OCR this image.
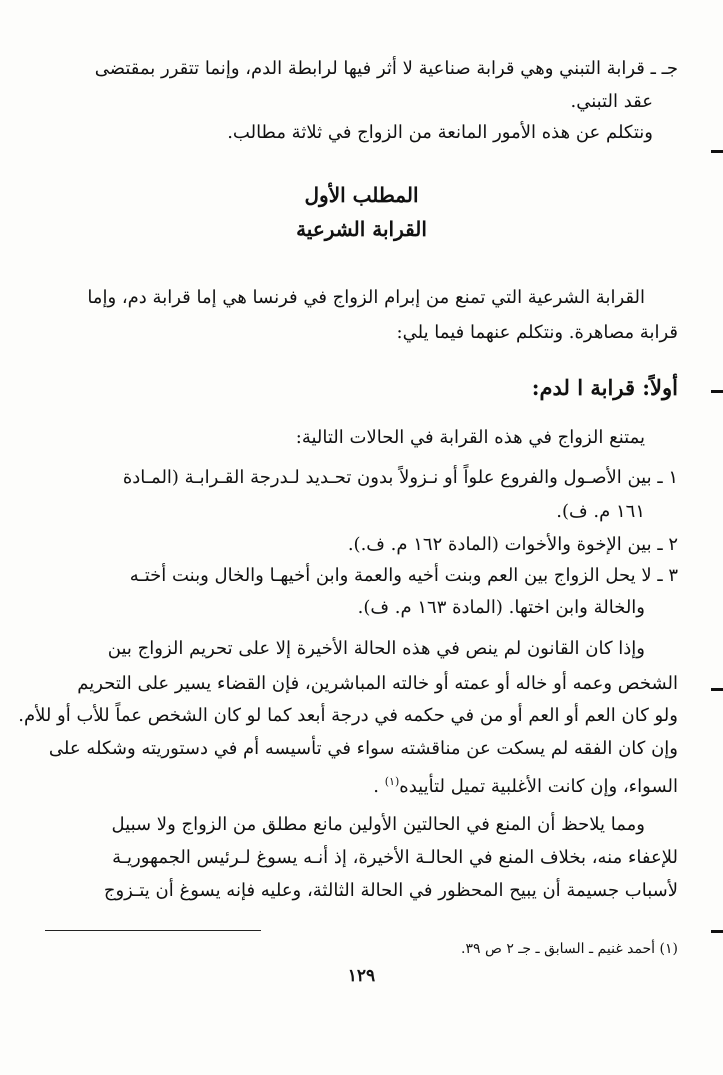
جـ ـ قرابة التبني وهي قرابة صناعية لا أثر فيها لرابطة الدم، وإنما تتقرر بمقتضى
عقد التبني.
ونتكلم عن هذه الأمور المانعة من الزواج في ثلاثة مطالب.
المطلب الأول
القرابة الشرعية
القرابة الشرعية التي تمنع من إبرام الزواج في فرنسا هي إما قرابة دم، وإما
قرابة مصاهرة. ونتكلم عنهما فيما يلي:
أولاً: قرابة ا لدم:
يمتنع الزواج في هذه القرابة في الحالات التالية:
١ ـ بين الأصـول والفروع علواً أو نـزولاً بدون تحـديد لـدرجة القـرابـة (المـادة
١٦١ م. ف).
٢ ـ بين الإخوة والأخوات (المادة ١٦٢ م. ف.).
٣ ـ لا يحل الزواج بين العم وبنت أخيه والعمة وابن أخيهـا والخال وبنت أختـه
والخالة وابن اختها. (المادة ١٦٣ م. ف).
وإذا كان القانون لم ينص في هذه الحالة الأخيرة إلا على تحريم الزواج بين
الشخص وعمه أو خاله أو عمته أو خالته المباشرين، فإن القضاء يسير على التحريم
ولو كان العم أو العم أو من في حكمه في درجة أبعد كما لو كان الشخص عماً للأب أو للأم.
وإن كان الفقه لم يسكت عن مناقشته سواء في تأسيسه أم في دستوريته وشكله على
السواء، وإن كانت الأغلبية تميل لتأييده$^{(١)}$ .
ومما يلاحظ أن المنع في الحالتين الأولين مانع مطلق من الزواج ولا سبيل
للإعفاء منه، بخلاف المنع في الحالـة الأخيرة، إذ أنـه يسوغ لـرئيس الجمهوريـة
لأسباب جسيمة أن يبيح المحظور في الحالة الثالثة، وعليه فإنه يسوغ أن يتـزوج
(١) أحمد غنيم ـ السابق ـ جـ ٢ ص ٣٩.
١٢٩
